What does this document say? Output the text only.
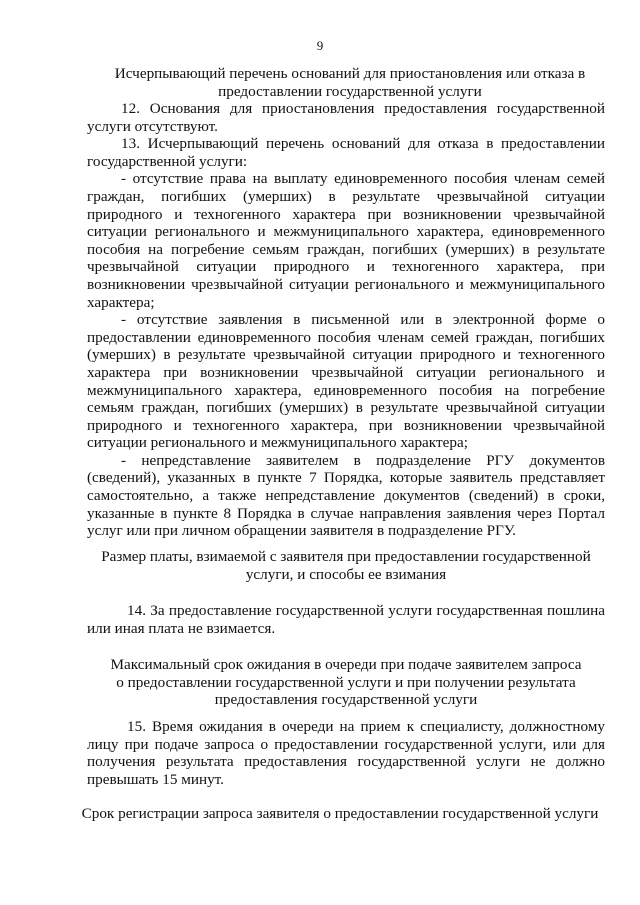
9
Исчерпывающий перечень оснований для приостановления или отказа в
предоставлении государственной услуги

12. Основания для приостановления предоставления государственной услуги отсутствуют.

13. Исчерпывающий перечень оснований для отказа в предоставлении государственной услуги:

- отсутствие права на выплату единовременного пособия членам семей граждан, погибших (умерших) в результате чрезвычайной ситуации природного и техногенного характера при возникновении чрезвычайной ситуации регионального и межмуниципального характера, единовременного пособия на погребение семьям граждан, погибших (умерших) в результате чрезвычайной ситуации природного и техногенного характера, при возникновении чрезвычайной ситуации регионального и межмуниципального характера;

- отсутствие заявления в письменной или в электронной форме о предоставлении единовременного пособия членам семей граждан, погибших (умерших) в результате чрезвычайной ситуации природного и техногенного характера при возникновении чрезвычайной ситуации регионального и межмуниципального характера, единовременного пособия на погребение семьям граждан, погибших (умерших) в результате чрезвычайной ситуации природного и техногенного характера, при возникновении чрезвычайной ситуации регионального и межмуниципального характера;

- непредставление заявителем в подразделение РГУ документов (сведений), указанных в пункте 7 Порядка, которые заявитель представляет самостоятельно, а также непредставление документов (сведений) в сроки, указанные в пункте 8 Порядка в случае направления заявления через Портал услуг или при личном обращении заявителя в подразделение РГУ.

Размер платы, взимаемой с заявителя при предоставлении государственной
услуги, и способы ее взимания

14. За предоставление государственной услуги государственная пошлина или иная плата не взимается.

Максимальный срок ожидания в очереди при подаче заявителем запроса
о предоставлении государственной услуги и при получении результата
предоставления государственной услуги

15. Время ожидания в очереди на прием к специалисту, должностному лицу при подаче запроса о предоставлении государственной услуги, или для получения результата предоставления государственной услуги не должно превышать 15 минут.

Срок регистрации запроса заявителя о предоставлении государственной услуги
